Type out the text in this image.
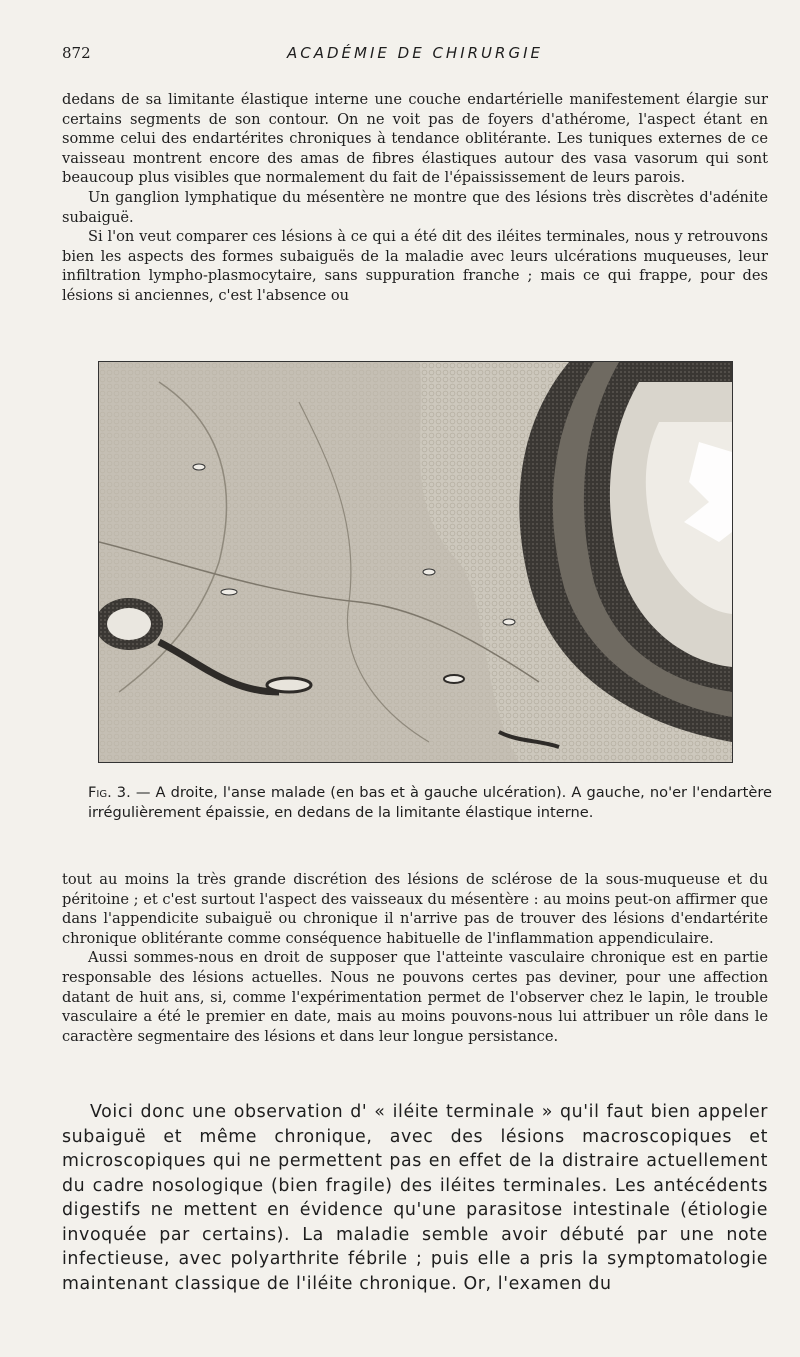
872	ACADÉMIE DE CHIRURGIE

dedans de sa limitante élastique interne une couche endartérielle manifestement élargie sur certains segments de son contour. On ne voit pas de foyers d'athérome, l'aspect étant en somme celui des endartérites chroniques à tendance oblitérante. Les tuniques externes de ce vaisseau montrent encore des amas de fibres élastiques autour des vasa vasorum qui sont beaucoup plus visibles que normalement du fait de l'épaississement de leurs parois.

Un ganglion lymphatique du mésentère ne montre que des lésions très discrètes d'adénite subaiguë.

Si l'on veut comparer ces lésions à ce qui a été dit des iléites terminales, nous y retrouvons bien les aspects des formes subaiguës de la maladie avec leurs ulcérations muqueuses, leur infiltration lympho-plasmocytaire, sans suppuration franche ; mais ce qui frappe, pour des lésions si anciennes, c'est l'absence ou

Fig. 3. — A droite, l'anse malade (en bas et à gauche ulcération). A gauche, no'er l'endartère irrégulièrement épaissie, en dedans de la limitante élastique interne.

tout au moins la très grande discrétion des lésions de sclérose de la sous-muqueuse et du péritoine ; et c'est surtout l'aspect des vaisseaux du mésentère : au moins peut-on affirmer que dans l'appendicite subaiguë ou chronique il n'arrive pas de trouver des lésions d'endartérite chronique oblitérante comme conséquence habituelle de l'inflammation appendiculaire.

Aussi sommes-nous en droit de supposer que l'atteinte vasculaire chronique est en partie responsable des lésions actuelles. Nous ne pouvons certes pas deviner, pour une affection datant de huit ans, si, comme l'expérimentation permet de l'observer chez le lapin, le trouble vasculaire a été le premier en date, mais au moins pouvons-nous lui attribuer un rôle dans le caractère segmentaire des lésions et dans leur longue persistance.

Voici donc une observation d' « iléite terminale » qu'il faut bien appeler subaiguë et même chronique, avec des lésions macroscopiques et microscopiques qui ne permettent pas en effet de la distraire actuellement du cadre nosologique (bien fragile) des iléites terminales. Les antécédents digestifs ne mettent en évidence qu'une parasitose intestinale (étiologie invoquée par certains). La maladie semble avoir débuté par une note infectieuse, avec polyarthrite fébrile ; puis elle a pris la symptomatologie maintenant classique de l'iléite chronique. Or, l'examen du
